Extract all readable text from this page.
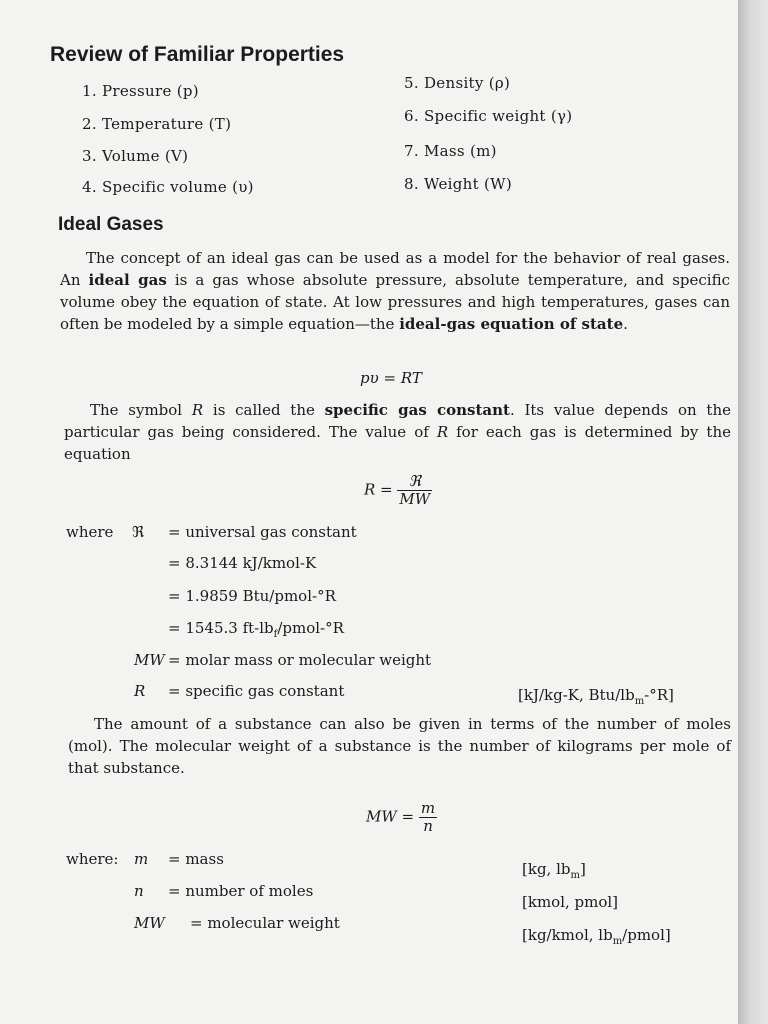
Review of Familiar Properties
1. Pressure (p)
2. Temperature (T)
3. Volume (V)
4. Specific volume (υ)
5. Density (ρ)
6. Specific weight (γ)
7. Mass (m)
8. Weight (W)
Ideal Gases

The concept of an ideal gas can be used as a model for the behavior of real gases. An ideal gas is a gas whose absolute pressure, absolute temperature, and specific volume obey the equation of state. At low pressures and high temperatures, gases can often be modeled by a simple equation—the ideal-gas equation of state.

pυ = RT

The symbol R is called the specific gas constant. Its value depends on the particular gas being considered. The value of R for each gas is determined by the equation

$R = \frac{\text{ℜ}}{MW}$
where ℜ = universal gas constant
= 8.3144 kJ/kmol-K
= 1.9859 Btu/pmol-°R
= 1545.3 $ft-lb_f/pmol-^\circ R$
MW = molar mass or molecular weight
R = specific gas constant	[kJ/kg-K, Btu/$lb_m-^\circ R$]

The amount of a substance can also be given in terms of the number of moles (mol). The molecular weight of a substance is the number of kilograms per mole of that substance.

MW = $\frac{m}{n}$
where: m = mass
[kg, $lb_m$]
n = number of moles
[kmol, pmol]
MW = molecular weight
[kg/kmol, $lb_m/pmol$]
